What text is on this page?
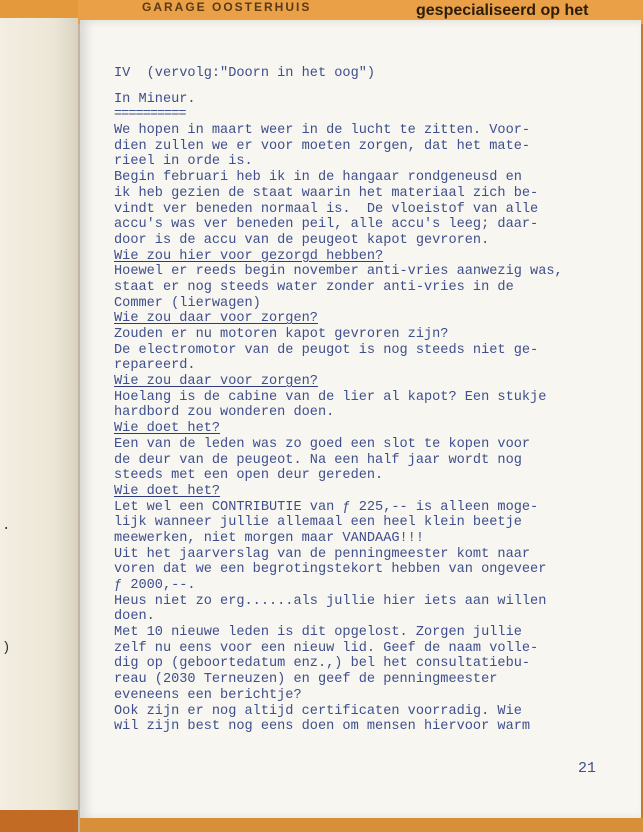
.
)
GARAGE OOSTERHUIS	gespecialiseerd op het
IV  (vervolg:"Doorn in het oog")
In Mineur.
==========
We hopen in maart weer in de lucht te zitten. Voor-
dien zullen we er voor moeten zorgen, dat het mate-
rieel in orde is.
Begin februari heb ik in de hangaar rondgeneusd en
ik heb gezien de staat waarin het materiaal zich be-
vindt ver beneden normaal is.  De vloeistof van alle
accu's was ver beneden peil, alle accu's leeg; daar-
door is de accu van de peugeot kapot gevroren.
Wie zou hier voor gezorgd hebben?
Hoewel er reeds begin november anti-vries aanwezig was,
staat er nog steeds water zonder anti-vries in de
Commer (lierwagen)
Wie zou daar voor zorgen?
Zouden er nu motoren kapot gevroren zijn?
De electromotor van de peugot is nog steeds niet ge-
repareerd.
Wie zou daar voor zorgen?
Hoelang is de cabine van de lier al kapot? Een stukje
hardbord zou wonderen doen.
Wie doet het?
Een van de leden was zo goed een slot te kopen voor
de deur van de peugeot. Na een half jaar wordt nog
steeds met een open deur gereden.
Wie doet het?
Let wel een CONTRIBUTIE van ƒ 225,-- is alleen moge-
lijk wanneer jullie allemaal een heel klein beetje
meewerken, niet morgen maar VANDAAG!!!
Uit het jaarverslag van de penningmeester komt naar
voren dat we een begrotingstekort hebben van ongeveer
ƒ 2000,--.
Heus niet zo erg......als jullie hier iets aan willen
doen.
Met 10 nieuwe leden is dit opgelost. Zorgen jullie
zelf nu eens voor een nieuw lid. Geef de naam volle-
dig op (geboortedatum enz.,) bel het consultatiebu-
reau (2030 Terneuzen) en geef de penningmeester
eveneens een berichtje?
Ook zijn er nog altijd certificaten voorradig. Wie
wil zijn best nog eens doen om mensen hiervoor warm
21
